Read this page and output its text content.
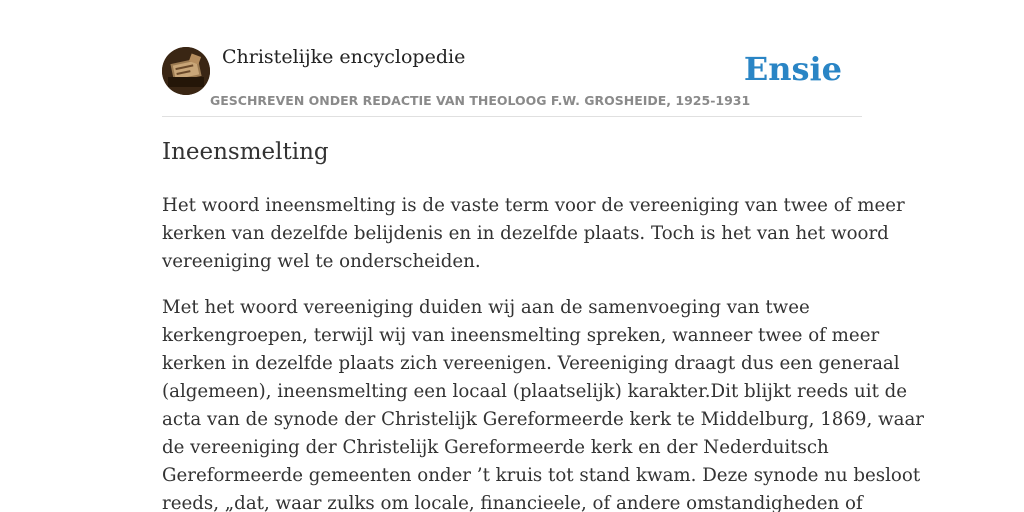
Christelijke encyclopedie
GESCHREVEN ONDER REDACTIE VAN THEOLOOG F.W. GROSHEIDE, 1925-1931
Ensie
Ineensmelting

Het woord ineensmelting is de vaste term voor de vereeniging van twee of meer
kerken van dezelfde belijdenis en in dezelfde plaats. Toch is het van het woord
vereeniging wel te onderscheiden.

Met het woord vereeniging duiden wij aan de samenvoeging van twee
kerkengroepen, terwijl wij van ineensmelting spreken, wanneer twee of meer
kerken in dezelfde plaats zich vereenigen. Vereeniging draagt dus een generaal
(algemeen), ineensmelting een locaal (plaatselijk) karakter.Dit blijkt reeds uit de
acta van de synode der Christelijk Gereformeerde kerk te Middelburg, 1869, waar
de vereeniging der Christelijk Gereformeerde kerk en der Nederduitsch
Gereformeerde gemeenten onder ’t kruis tot stand kwam. Deze synode nu besloot
reeds, „dat, waar zulks om locale, financieele, of andere omstandigheden of
